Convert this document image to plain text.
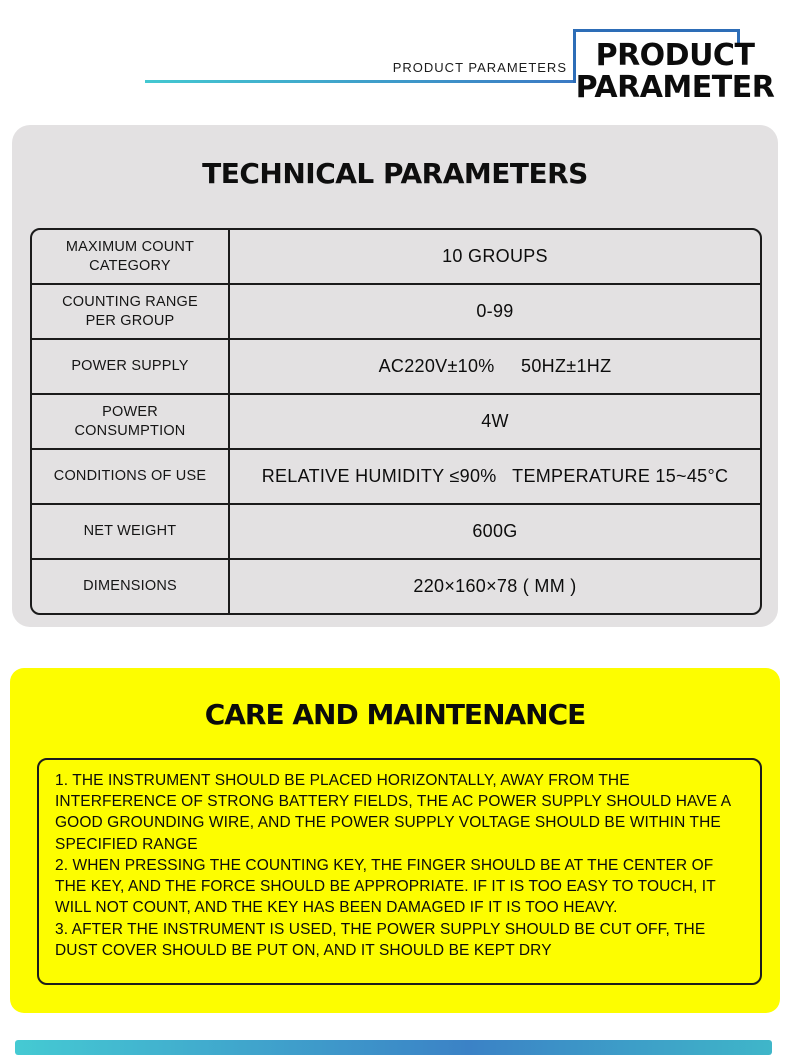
PRODUCT PARAMETERS PRODUCT
PARAMETER
TECHNICAL PARAMETERS
MAXIMUM COUNT CATEGORY	10 GROUPS
COUNTING RANGE PER GROUP	0-99
POWER SUPPLY	AC220V±10%     50HZ±1HZ
POWER CONSUMPTION	4W
CONDITIONS OF USE	RELATIVE HUMIDITY ≤90%   TEMPERATURE 15~45°C
NET WEIGHT	600G
DIMENSIONS	220×160×78 ( MM )
CARE AND MAINTENANCE

1. THE INSTRUMENT SHOULD BE PLACED HORIZONTALLY, AWAY FROM THE INTERFERENCE OF STRONG BATTERY FIELDS, THE AC POWER SUPPLY SHOULD HAVE A GOOD GROUNDING WIRE, AND THE POWER SUPPLY VOLTAGE SHOULD BE WITHIN THE SPECIFIED RANGE

2. WHEN PRESSING THE COUNTING KEY, THE FINGER SHOULD BE AT THE CENTER OF THE KEY, AND THE FORCE SHOULD BE APPROPRIATE. IF IT IS TOO EASY TO TOUCH, IT WILL NOT COUNT, AND THE KEY HAS BEEN DAMAGED IF IT IS TOO HEAVY.

3. AFTER THE INSTRUMENT IS USED, THE POWER SUPPLY SHOULD BE CUT OFF, THE DUST COVER SHOULD BE PUT ON, AND IT SHOULD BE KEPT DRY
